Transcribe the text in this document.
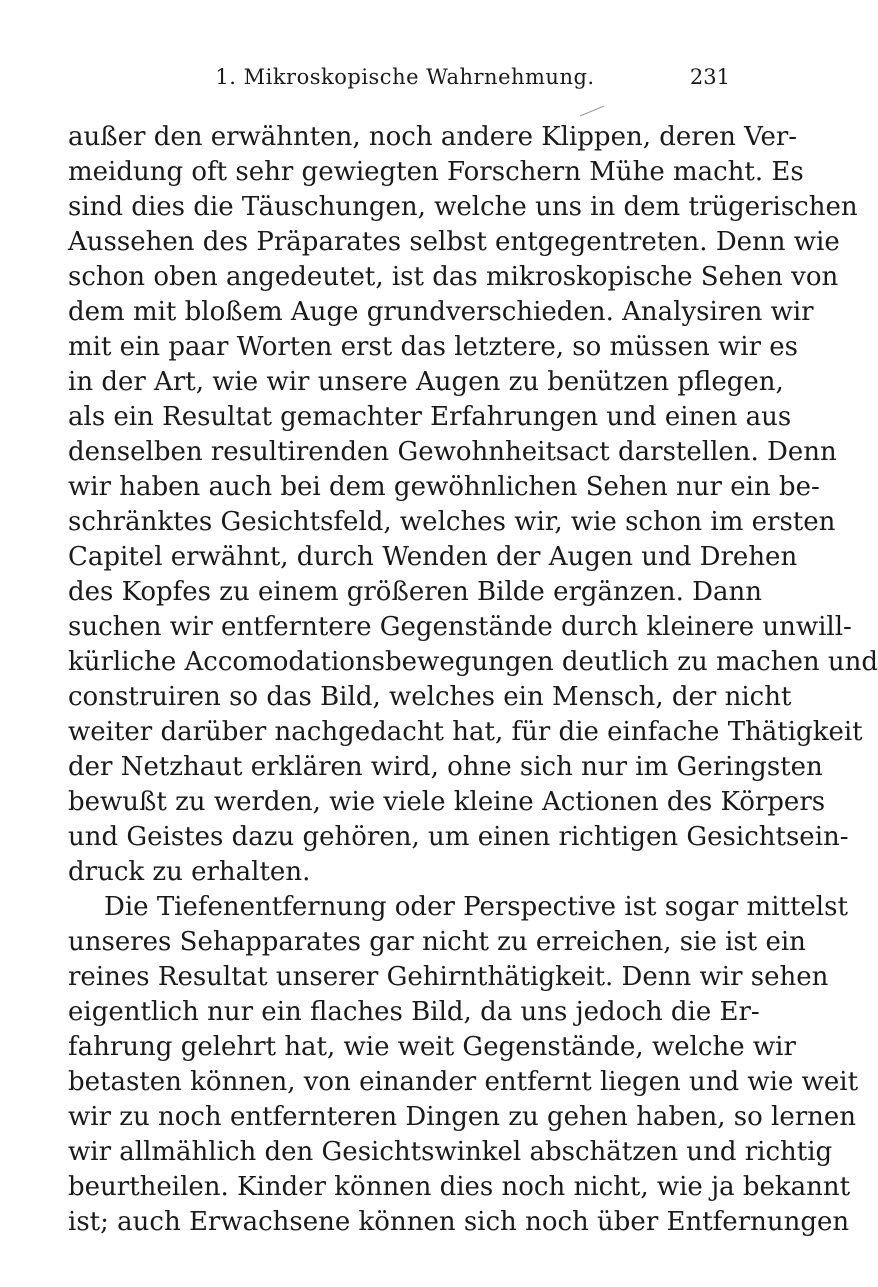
1. Mikroskopische Wahrnehmung.	231
außer den erwähnten, noch andere Klippen, deren Ver-
meidung oft sehr gewiegten Forschern Mühe macht. Es
sind dies die Täuschungen, welche uns in dem trügerischen
Aussehen des Präparates selbst entgegentreten. Denn wie
schon oben angedeutet, ist das mikroskopische Sehen von
dem mit bloßem Auge grundverschieden. Analysiren wir
mit ein paar Worten erst das letztere, so müssen wir es
in der Art, wie wir unsere Augen zu benützen pflegen,
als ein Resultat gemachter Erfahrungen und einen aus
denselben resultirenden Gewohnheitsact darstellen. Denn
wir haben auch bei dem gewöhnlichen Sehen nur ein be-
schränktes Gesichtsfeld, welches wir, wie schon im ersten
Capitel erwähnt, durch Wenden der Augen und Drehen
des Kopfes zu einem größeren Bilde ergänzen. Dann
suchen wir entferntere Gegenstände durch kleinere unwill-
kürliche Accomodationsbewegungen deutlich zu machen und
construiren so das Bild, welches ein Mensch, der nicht
weiter darüber nachgedacht hat, für die einfache Thätigkeit
der Netzhaut erklären wird, ohne sich nur im Geringsten
bewußt zu werden, wie viele kleine Actionen des Körpers
und Geistes dazu gehören, um einen richtigen Gesichtsein-
druck zu erhalten.
Die Tiefenentfernung oder Perspective ist sogar mittelst
unseres Sehapparates gar nicht zu erreichen, sie ist ein
reines Resultat unserer Gehirnthätigkeit. Denn wir sehen
eigentlich nur ein flaches Bild, da uns jedoch die Er-
fahrung gelehrt hat, wie weit Gegenstände, welche wir
betasten können, von einander entfernt liegen und wie weit
wir zu noch entfernteren Dingen zu gehen haben, so lernen
wir allmählich den Gesichtswinkel abschätzen und richtig
beurtheilen. Kinder können dies noch nicht, wie ja bekannt
ist; auch Erwachsene können sich noch über Entfernungen
